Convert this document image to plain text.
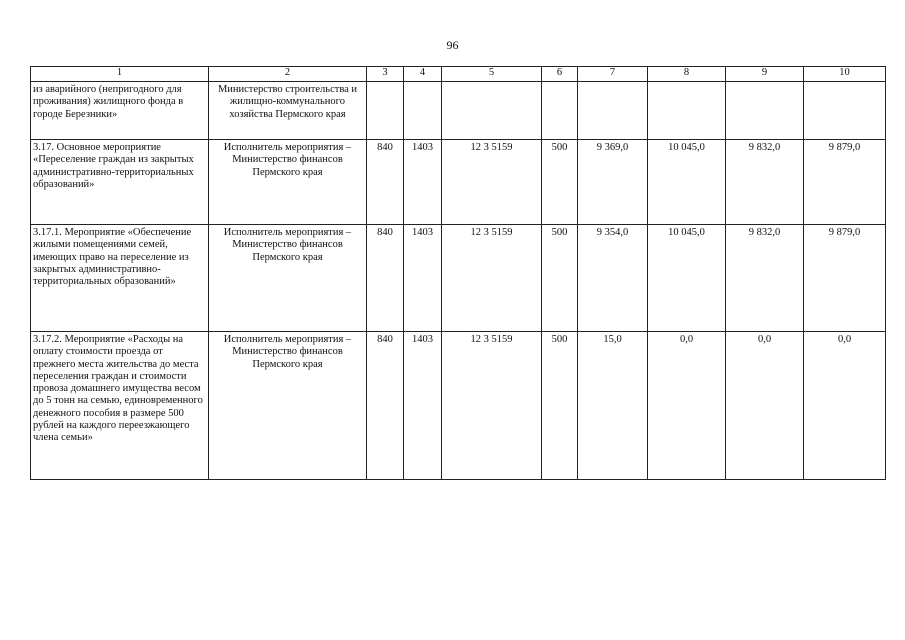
96
1	2	3	4	5	6	7	8	9	10
из аварийного (непригодного для проживания) жилищного фонда в городе Березники»	Министерство строительства и жилищно-коммунального хозяйства Пермского края								
3.17. Основное мероприятие «Переселение граждан из закрытых административно-территориальных образований»	Исполнитель мероприятия – Министерство финансов Пермского края	840	1403	12 3 5159	500	9 369,0	10 045,0	9 832,0	9 879,0
3.17.1. Мероприятие «Обеспечение жилыми помещениями семей, имеющих право на переселение из закрытых административно-территориальных образований»	Исполнитель мероприятия – Министерство финансов Пермского края	840	1403	12 3 5159	500	9 354,0	10 045,0	9 832,0	9 879,0
3.17.2. Мероприятие «Расходы на оплату стоимости проезда от прежнего места жительства до места переселения граждан и стоимости провоза домашнего имущества весом до 5 тонн на семью, единовременного денежного пособия в размере 500 рублей на каждого переезжающего члена семьи»	Исполнитель мероприятия – Министерство финансов Пермского края	840	1403	12 3 5159	500	15,0	0,0	0,0	0,0
